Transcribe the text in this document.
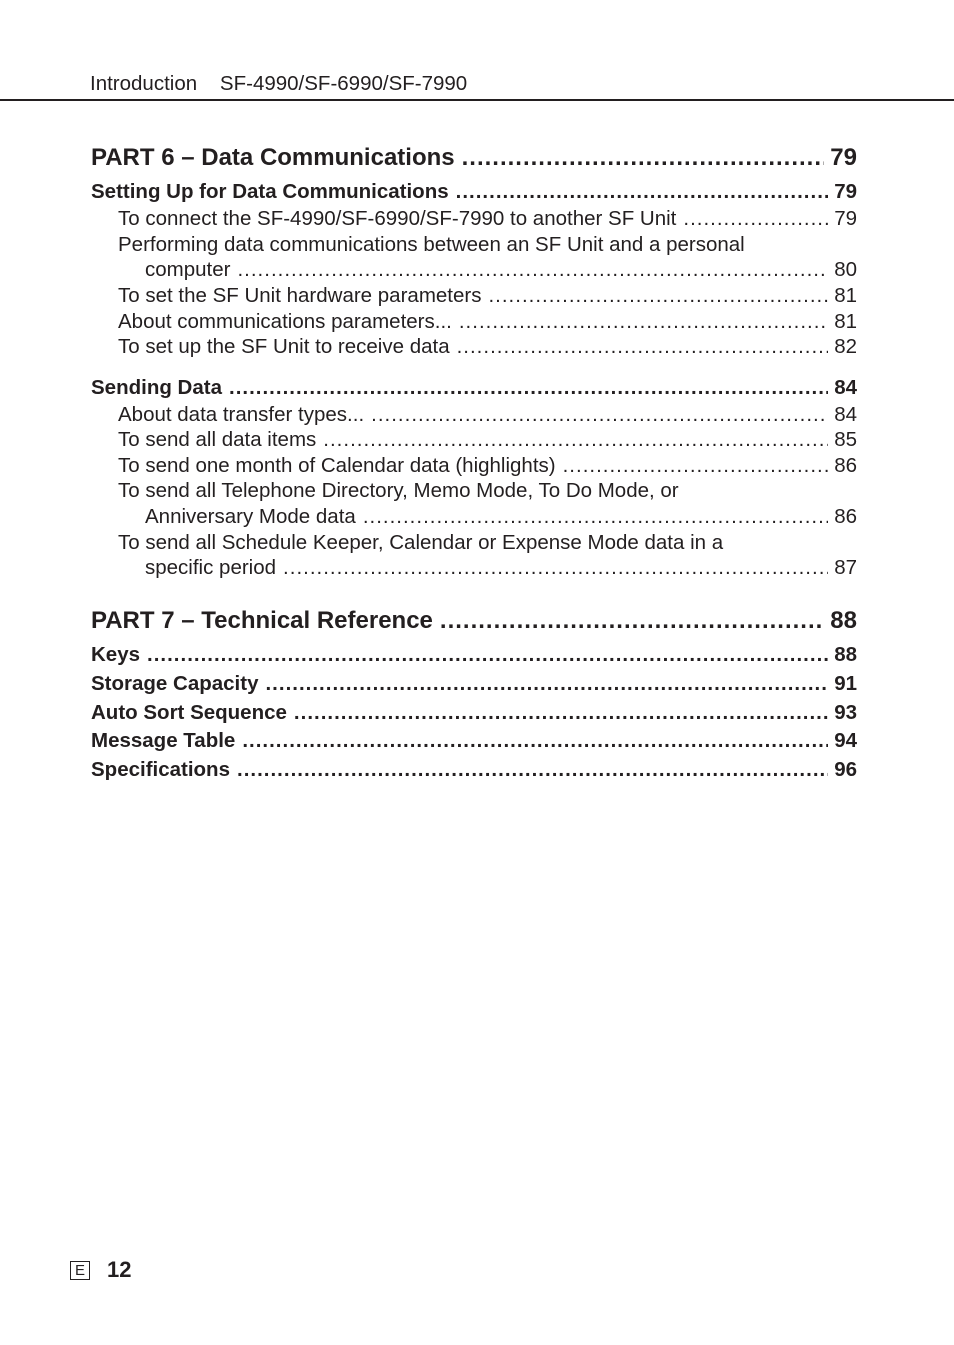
Introduction SF-4990/SF-6990/SF-7990
PART 6 – Data Communications .....	79
Setting Up for Data Communications .....	79
To connect the SF-4990/SF-6990/SF-7990 to another SF Unit .....	79
Performing data communications between an SF Unit and a personal
computer .....	80
To set the SF Unit hardware parameters .....	81
About communications parameters... .....	81
To set up the SF Unit to receive data .....	82
Sending Data .....	84
About data transfer types... .....	84
To send all data items .....	85
To send one month of Calendar data (highlights) .....	86
To send all Telephone Directory, Memo Mode, To Do Mode, or
Anniversary Mode data .....	86
To send all Schedule Keeper, Calendar or Expense Mode data in a
specific period .....	87
PART 7 – Technical Reference .....	88
Keys .....	88
Storage Capacity .....	91
Auto Sort Sequence .....	93
Message Table .....	94
Specifications .....	96
E 12
